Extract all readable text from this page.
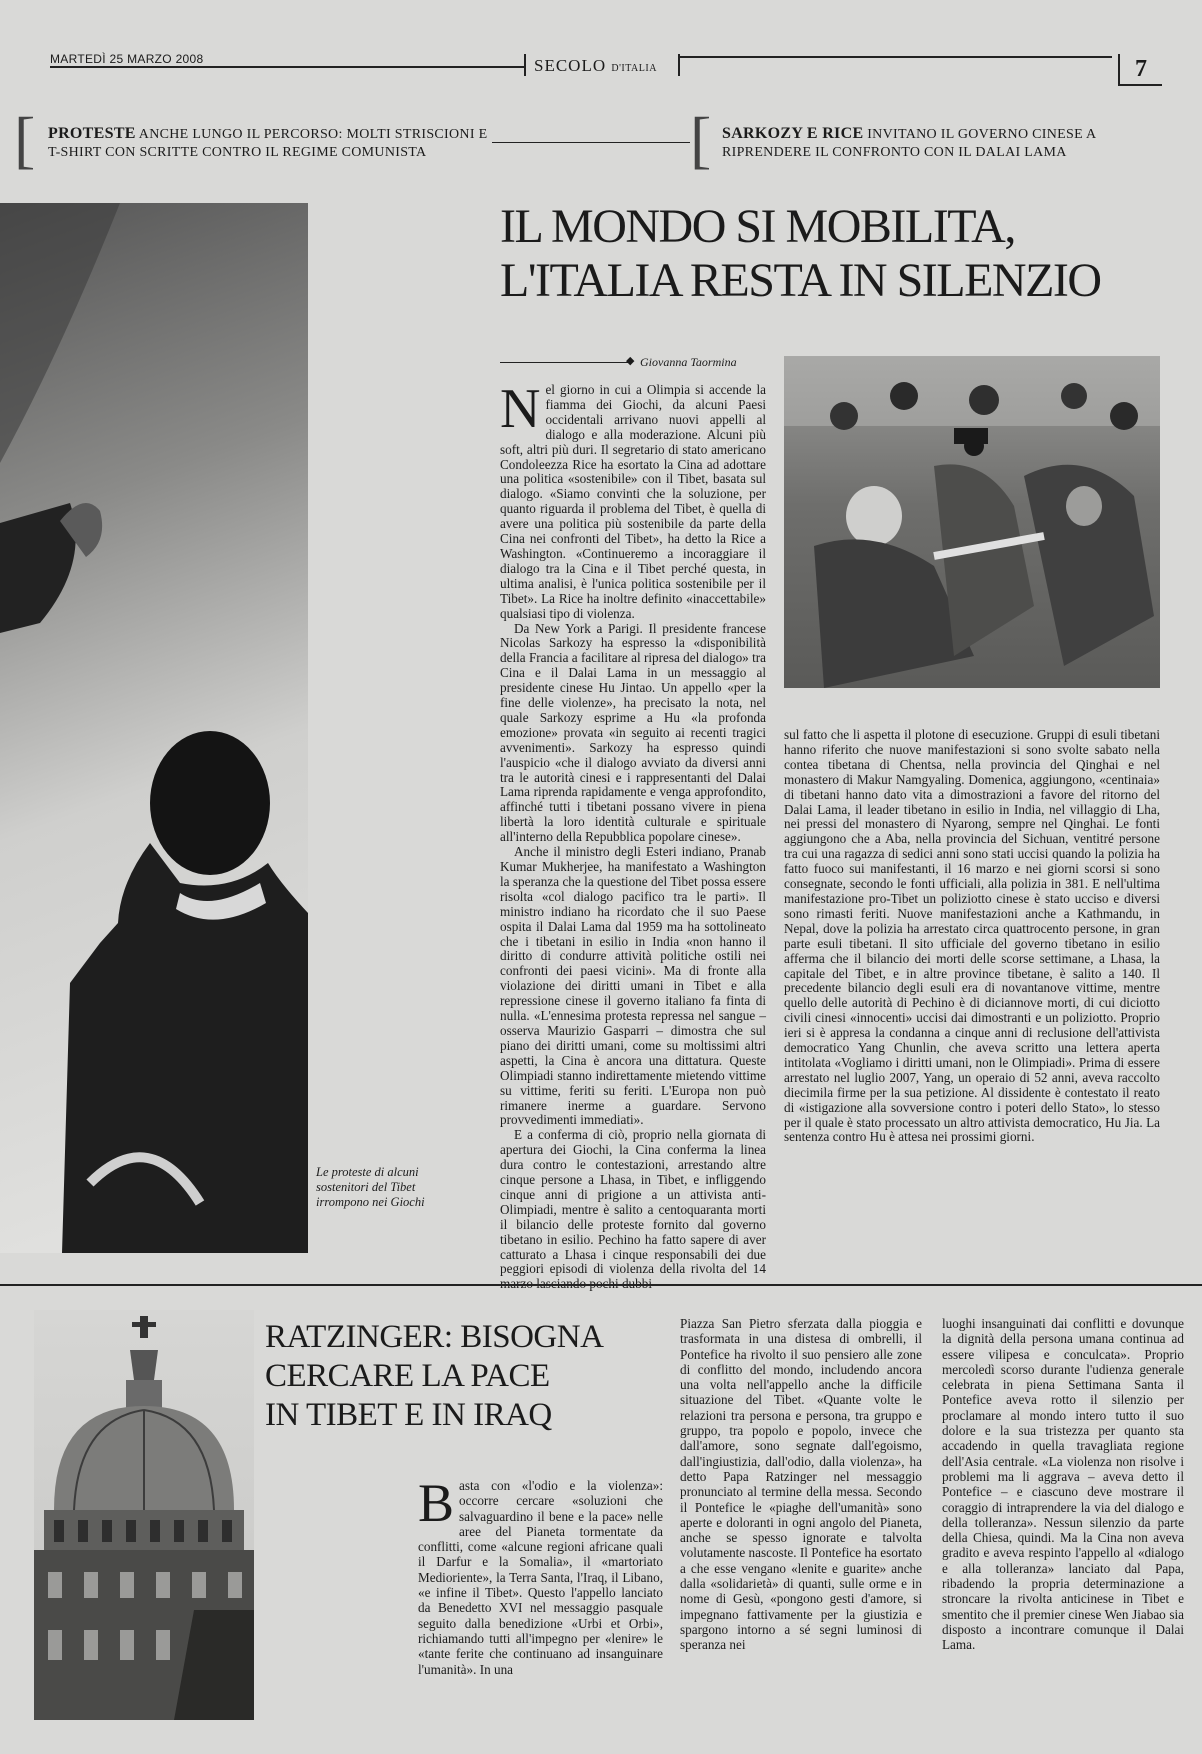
MARTEDÌ 25 MARZO 2008	SECOLO D'ITALIA	7
[ PROTESTE ANCHE LUNGO IL PERCORSO: MOLTI STRISCIONI E T-SHIRT CON SCRITTE CONTRO IL REGIME COMUNISTA	[ SARKOZY E RICE INVITANO IL GOVERNO CINESE A RIPRENDERE IL CONFRONTO CON IL DALAI LAMA
Le proteste di alcuni sostenitori del Tibet irrompono nei Giochi
IL MONDO SI MOBILITA,
L'ITALIA RESTA IN SILENZIO
◆ Giovanna Taormina

Nel giorno in cui a Olimpia si accende la fiamma dei Giochi, da alcuni Paesi occidentali arrivano nuovi appelli al dialogo e alla moderazione. Alcuni più soft, altri più duri. Il segretario di stato americano Condoleezza Rice ha esortato la Cina ad adottare una politica «sostenibile» con il Tibet, basata sul dialogo. «Siamo convinti che la soluzione, per quanto riguarda il problema del Tibet, è quella di avere una politica più sostenibile da parte della Cina nei confronti del Tibet», ha detto la Rice a Washington. «Continueremo a incoraggiare il dialogo tra la Cina e il Tibet perché questa, in ultima analisi, è l'unica politica sostenibile per il Tibet». La Rice ha inoltre definito «inaccettabile» qualsiasi tipo di violenza.

Da New York a Parigi. Il presidente francese Nicolas Sarkozy ha espresso la «disponibilità della Francia a facilitare al ripresa del dialogo» tra Cina e il Dalai Lama in un messaggio al presidente cinese Hu Jintao. Un appello «per la fine delle violenze», ha precisato la nota, nel quale Sarkozy esprime a Hu «la profonda emozione» provata «in seguito ai recenti tragici avvenimenti». Sarkozy ha espresso quindi l'auspicio «che il dialogo avviato da diversi anni tra le autorità cinesi e i rappresentanti del Dalai Lama riprenda rapidamente e venga approfondito, affinché tutti i tibetani possano vivere in piena libertà la loro identità culturale e spirituale all'interno della Repubblica popolare cinese».

Anche il ministro degli Esteri indiano, Pranab Kumar Mukherjee, ha manifestato a Washington la speranza che la questione del Tibet possa essere risolta «col dialogo pacifico tra le parti». Il ministro indiano ha ricordato che il suo Paese ospita il Dalai Lama dal 1959 ma ha sottolineato che i tibetani in esilio in India «non hanno il diritto di condurre attività politiche ostili nei confronti dei paesi vicini». Ma di fronte alla violazione dei diritti umani in Tibet e alla repressione cinese il governo italiano fa finta di nulla. «L'ennesima protesta repressa nel sangue – osserva Maurizio Gasparri – dimostra che sul piano dei diritti umani, come su moltissimi altri aspetti, la Cina è ancora una dittatura. Queste Olimpiadi stanno indirettamente mietendo vittime su vittime, feriti su feriti. L'Europa non può rimanere inerme a guardare. Servono provvedimenti immediati».

E a conferma di ciò, proprio nella giornata di apertura dei Giochi, la Cina conferma la linea dura contro le contestazioni, arrestando altre cinque persone a Lhasa, in Tibet, e infliggendo cinque anni di prigione a un attivista anti-Olimpiadi, mentre è salito a centoquaranta morti il bilancio delle proteste fornito dal governo tibetano in esilio. Pechino ha fatto sapere di aver catturato a Lhasa i cinque responsabili dei due peggiori episodi di violenza della rivolta del 14

sul fatto che li aspetta il plotone di esecuzione. Gruppi di esuli tibetani hanno riferito che nuove manifestazioni si sono svolte sabato nella contea tibetana di Chentsa, nella provincia del Qinghai e nel monastero di Makur Namgyaling. Domenica, aggiungono, «centinaia» di tibetani hanno dato vita a dimostrazioni a favore del ritorno del Dalai Lama, il leader tibetano in esilio in India, nel villaggio di Lha, nei pressi del monastero di Nyarong, sempre nel Qinghai. Le fonti aggiungono che a Aba, nella provincia del Sichuan, ventitré persone tra cui una ragazza di sedici anni sono stati uccisi quando la polizia ha fatto fuoco sui manifestanti, il 16 marzo e nei giorni scorsi si sono consegnate, secondo le fonti ufficiali, alla polizia in 381. E nell'ultima manifestazione pro-Tibet un poliziotto cinese è stato ucciso e diversi sono rimasti feriti. Nuove manifestazioni anche a Kathmandu, in Nepal, dove la polizia ha arrestato circa quattrocento persone, in gran parte esuli tibetani. Il sito ufficiale del governo tibetano in esilio afferma che il bilancio dei morti delle scorse settimane, a Lhasa, la capitale del Tibet, e in altre province tibetane, è salito a 140. Il precedente bilancio degli esuli era di novantanove vittime, mentre quello delle autorità di Pechino è di diciannove morti, di cui diciotto civili cinesi «innocenti» uccisi dai dimostranti e un poliziotto. Proprio ieri si è appresa la condanna a cinque anni di reclusione dell'attivista democratico Yang Chunlin, che aveva scritto una lettera aperta intitolata «Vogliamo i diritti umani, non le Olimpiadi». Prima di essere arrestato nel luglio 2007, Yang, un operaio di 52 anni, aveva raccolto diecimila firme per la sua petizione. Al dissidente è contestato il reato di «istigazione alla sovversione contro i poteri dello Stato», lo stesso per il quale è stato processato un altro attivista democratico, Hu Jia. La sentenza contro Hu è attesa nei prossimi giorni.

RATZINGER: BISOGNA
CERCARE LA PACE
IN TIBET E IN IRAQ

Basta con «l'odio e la violenza»: occorre cercare «soluzioni che salvaguardino il bene e la pace» nelle aree del Pianeta tormentate da conflitti, come «alcune regioni africane quali il Darfur e la Somalia», il «martoriato Medioriente», la Terra Santa, l'Iraq, il Libano, «e infine il Tibet». Questo l'appello lanciato da Benedetto XVI nel messaggio pasquale seguito dalla benedizione «Urbi et Orbi», richiamando tutti all'impegno per «lenire» le «tante ferite che continuano ad insanguinare l'umanità». In una

Piazza San Pietro sferzata dalla pioggia e trasformata in una distesa di ombrelli, il Pontefice ha rivolto il suo pensiero alle zone di conflitto del mondo, includendo ancora una volta nell'appello anche la difficile situazione del Tibet. «Quante volte le relazioni tra persona e persona, tra gruppo e gruppo, tra popolo e popolo, invece che dall'amore, sono segnate dall'egoismo, dall'ingiustizia, dall'odio, dalla violenza», ha detto Papa Ratzinger nel messaggio pronunciato al termine della messa. Secondo il Pontefice le «piaghe dell'umanità» sono aperte e doloranti in ogni angolo del Pianeta, anche se spesso ignorate e talvolta volutamente nascoste. Il Pontefice ha esortato a che esse vengano «lenite e guarite» anche dalla «solidarietà» di quanti, sulle orme e in nome di Gesù, «pongono gesti d'amore, si impegnano fattivamente per la giustizia e spargono intorno a sé segni luminosi di speranza nei

luoghi insanguinati dai conflitti e dovunque la dignità della persona umana continua ad essere vilipesa e conculcata». Proprio mercoledì scorso durante l'udienza generale celebrata in piena Settimana Santa il Pontefice aveva rotto il silenzio per proclamare al mondo intero tutto il suo dolore e la sua tristezza per quanto sta accadendo in quella travagliata regione dell'Asia centrale. «La violenza non risolve i problemi ma li aggrava – aveva detto il Pontefice – e ciascuno deve mostrare il coraggio di intraprendere la via del dialogo e della tolleranza». Nessun silenzio da parte della Chiesa, quindi. Ma la Cina non aveva gradito e aveva respinto l'appello al «dialogo e alla tolleranza» lanciato dal Papa, ribadendo la propria determinazione a stroncare la rivolta anticinese in Tibet e smentito che il premier cinese Wen Jiabao sia disposto a incontrare comunque il Dalai Lama.
